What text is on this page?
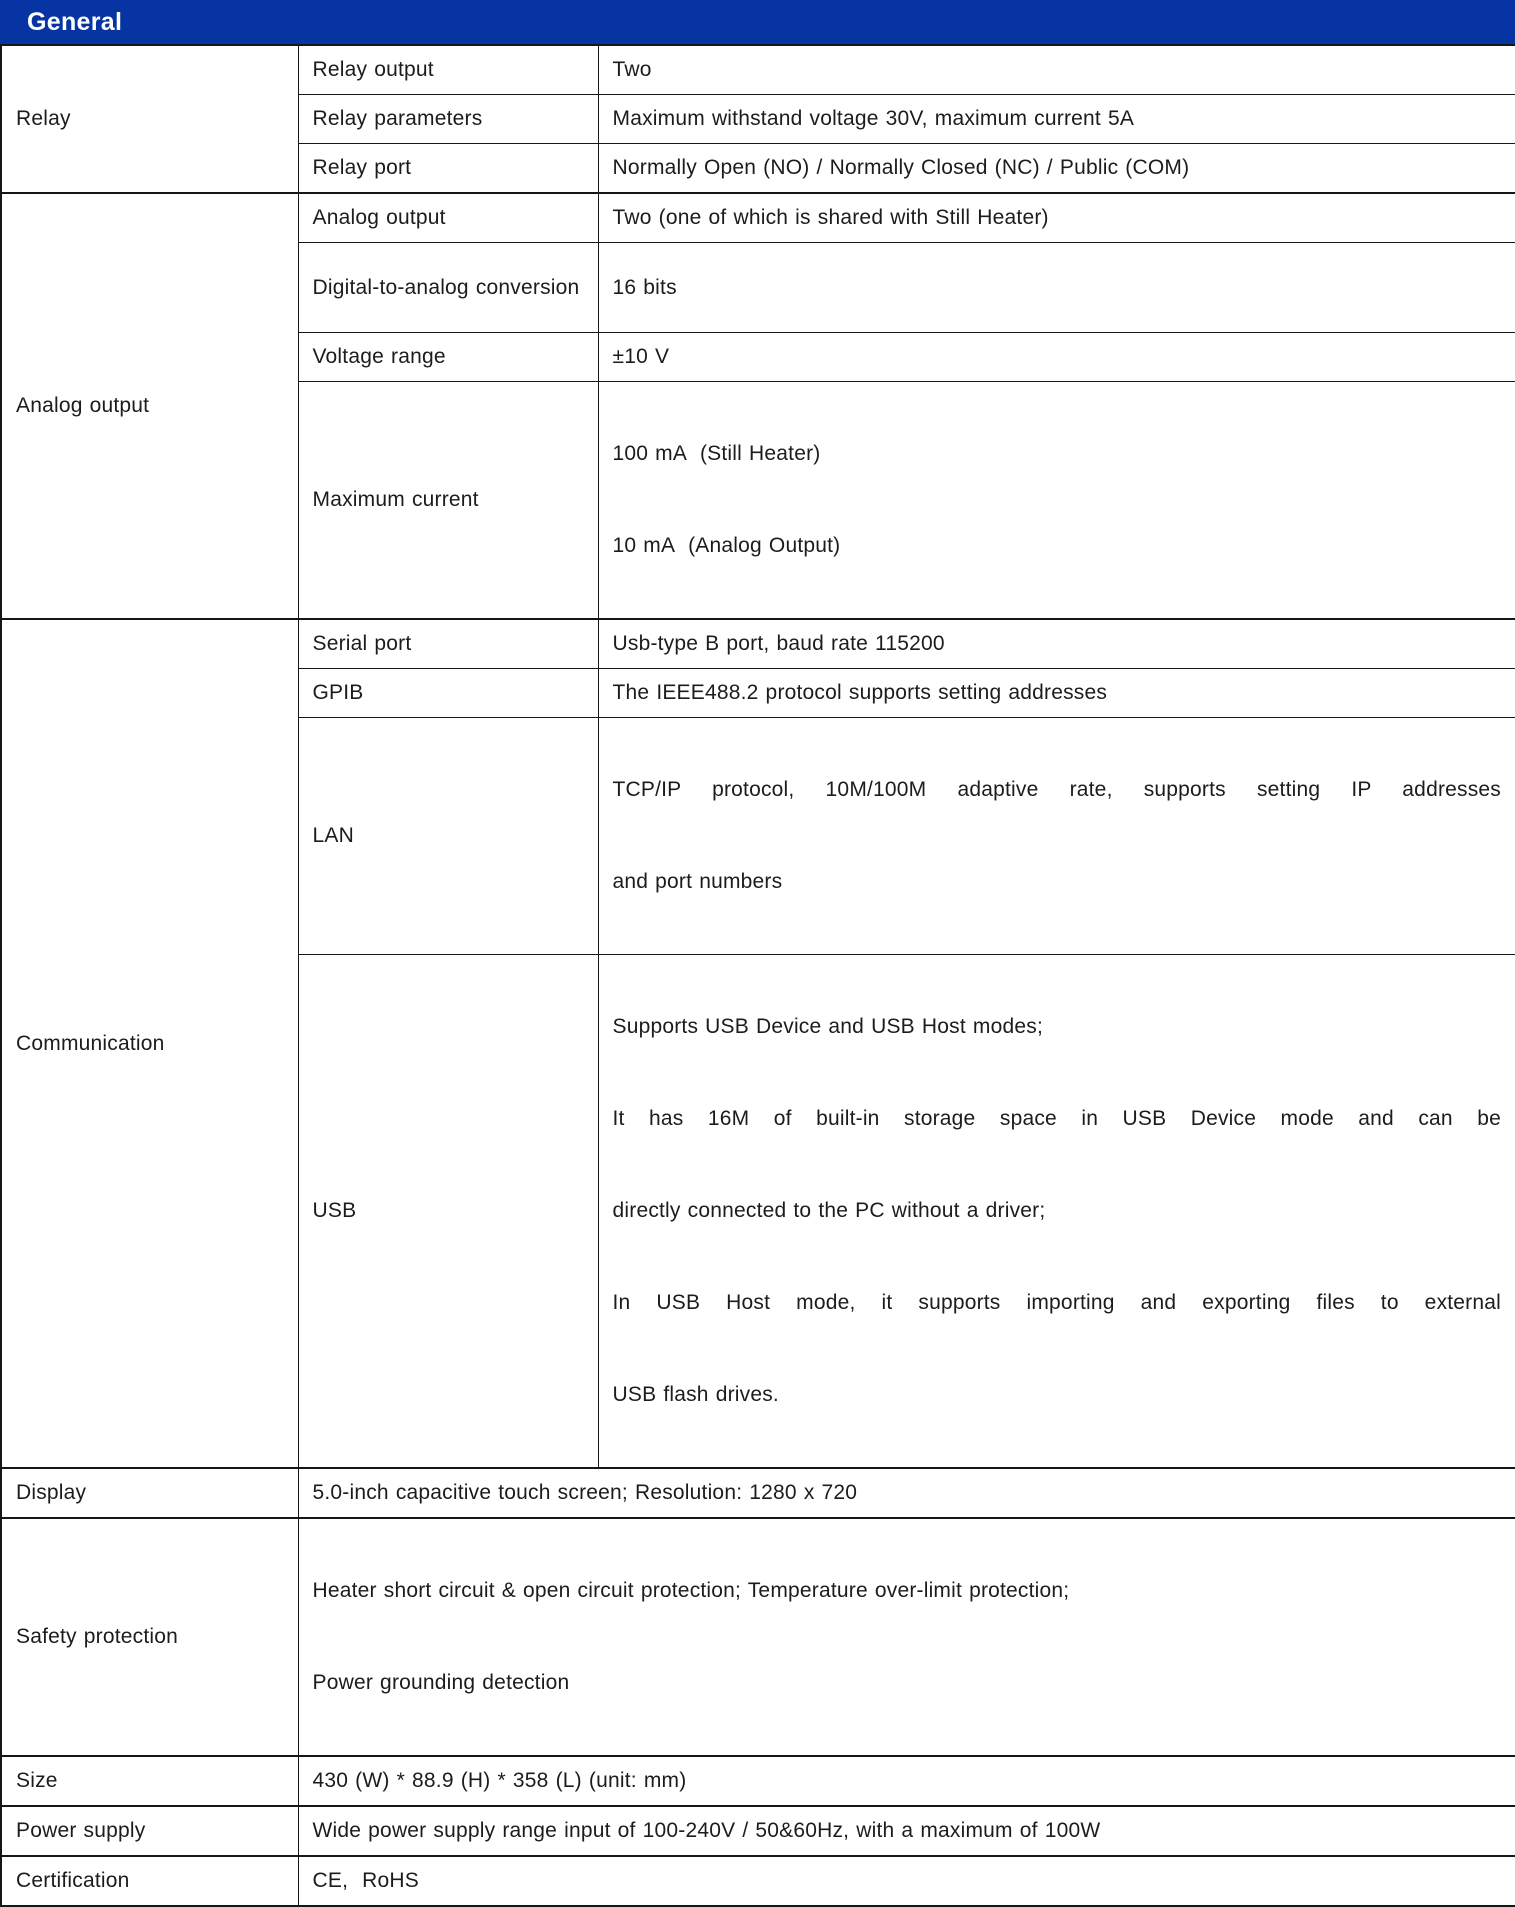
General
Relay	Relay output	Two
	Relay parameters	Maximum withstand voltage 30V, maximum current 5A
	Relay port	Normally Open (NO) / Normally Closed (NC) / Public (COM)
Analog output	Analog output	Two (one of which is shared with Still Heater)
	Digital-to-analog conversion	16 bits
	Voltage range	±10 V
	Maximum current	100 mA  (Still Heater)

10 mA  (Analog Output)

Communication	Serial port	Usb-type B port, baud rate 115200
	GPIB	The IEEE488.2 protocol supports setting addresses
	LAN	TCP/IP protocol, 10M/100M adaptive rate, supports setting IP addresses

and port numbers

	USB	Supports USB Device and USB Host modes;

It has 16M of built-in storage space in USB Device mode and can be

directly connected to the PC without a driver;

In USB Host mode, it supports importing and exporting files to external

USB flash drives.

Display	5.0-inch capacitive touch screen; Resolution: 1280 x 720	
Safety protection	Heater short circuit & open circuit protection; Temperature over-limit protection;

Power grounding detection	

Size	430 (W) * 88.9 (H) * 358 (L) (unit: mm)	
Power supply	Wide power supply range input of 100-240V / 50&60Hz, with a maximum of 100W	
Certification	CE,  RoHS	
